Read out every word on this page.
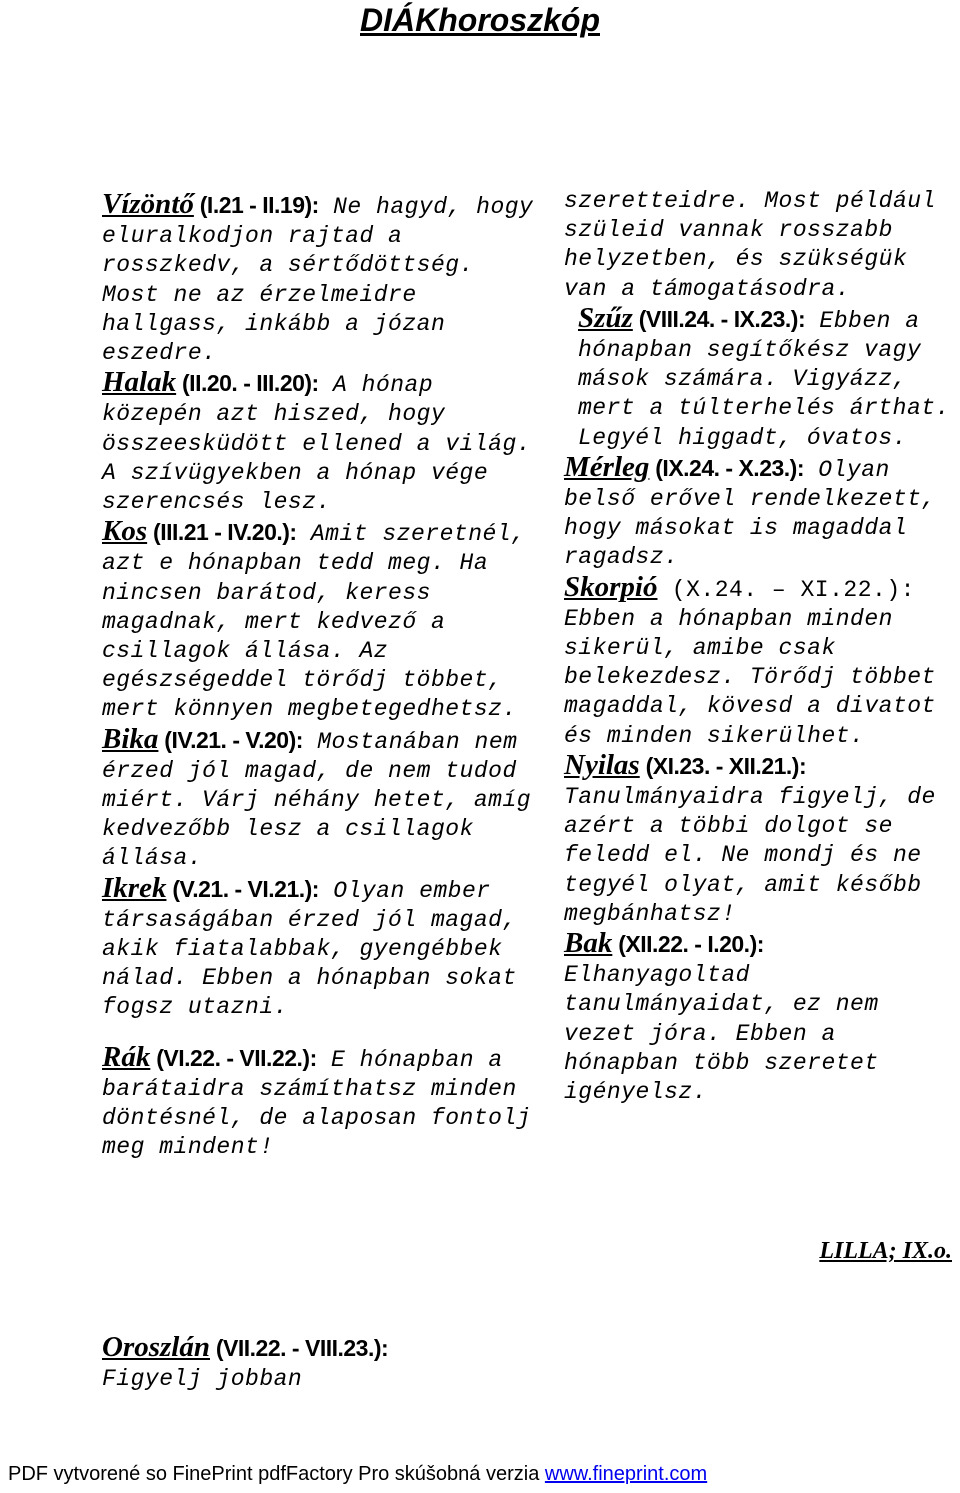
DIÁKhoroszkóp

Vízöntő (I.21 - II.19): Ne hagyd, hogy eluralkodjon rajtad a rosszkedv, a sértődöttség. Most ne az érzelmeidre hallgass, inkább a józan eszedre.

Halak (II.20. - III.20): A hónap közepén azt hiszed, hogy összeesküdött ellened a világ. A szívügyekben a hónap vége szerencsés lesz.

Kos (III.21 - IV.20.): Amit szeretnél, azt e hónapban tedd meg. Ha nincsen barátod, keress magadnak, mert kedvező a csillagok állása. Az egészségeddel törődj többet, mert könnyen megbetegedhetsz.

Bika (IV.21. - V.20): Mostanában nem érzed jól magad, de nem tudod miért. Várj néhány hetet, amíg kedvezőbb lesz a csillagok állása.

Ikrek (V.21. - VI.21.): Olyan ember társaságában érzed jól magad, akik fiatalabbak, gyengébbek nálad. Ebben a hónapban sokat fogsz utazni.

Rák (VI.22. - VII.22.): E hónapban a barátaidra számíthatsz minden döntésnél, de alaposan fontolj meg mindent!

szeretteidre. Most például szüleid vannak rosszabb helyzetben, és szükségük van a támogatásodra.

Szűz (VIII.24. - IX.23.): Ebben a hónapban segítőkész vagy mások számára. Vigyázz, mert a túlterhelés árthat. Legyél higgadt, óvatos.

Mérleg (IX.24. - X.23.): Olyan belső erővel rendelkezett, hogy másokat is magaddal ragadsz.

Skorpió (X.24. – XI.22.): Ebben a hónapban minden sikerül, amibe csak belekezdesz. Törődj többet magaddal, kövesd a divatot és minden sikerülhet.

Nyilas (XI.23. - XII.21.): Tanulmányaidra figyelj, de azért a többi dolgot se feledd el. Ne mondj és ne tegyél olyat, amit később megbánhatsz!

Bak (XII.22. - I.20.): Elhanyagoltad tanulmányaidat, ez nem vezet jóra. Ebben a hónapban több szeretet igényelsz.

LILLA; IX.o.

Oroszlán (VII.22. - VIII.23.):
Figyelj jobban

PDF vytvorené so FinePrint pdfFactory Pro skúšobná verzia www.fineprint.com
